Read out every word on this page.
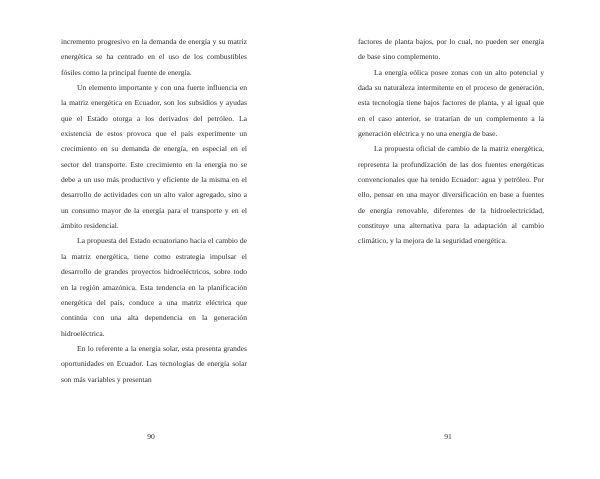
incremento progresivo en la demanda de energía y su matriz energética se ha centrado en el uso de los combustibles fósiles como la principal fuente de energía.

Un elemento importante y con una fuerte influencia en la matriz energética en Ecuador, son los subsidios y ayudas que el Estado otorga a los derivados del petróleo. La existencia de estos provoca que el país experimente un crecimiento en su demanda de energía, en especial en el sector del transporte. Este crecimiento en la energía no se debe a un uso más productivo y eficiente de la misma en el desarrollo de actividades con un alto valor agregado, sino a un consumo mayor de la energía para el transporte y en el ámbito residencial.

La propuesta del Estado ecuatoriano hacia el cambio de la matriz energética, tiene como estrategia impulsar el desarrollo de grandes proyectos hidroeléctricos, sobre todo en la región amazónica. Esta tendencia en la planificación energética del país, conduce a una matriz eléctrica que continúa con una alta dependencia en la generación hidroeléctrica.

En lo referente a la energía solar, esta presenta grandes oportunidades en Ecuador. Las tecnologías de energía solar son más variables y presentan

90

factores de planta bajos, por lo cual, no pueden ser energía de base sino complemento.

La energía eólica posee zonas con un alto potencial y dada su naturaleza intermitente en el proceso de generación, esta tecnología tiene bajos factores de planta, y al igual que en el caso anterior, se tratarían de un complemento a la generación eléctrica y no una energía de base.

La propuesta oficial de cambio de la matriz energética, representa la profundización de las dos fuentes energéticas convencionales que ha tenido Ecuador: agua y petróleo. Por ello, pensar en una mayor diversificación en base a fuentes de energía renovable, diferentes de la hidroelectricidad, constituye una alternativa para la adaptación al cambio climático, y la mejora de la seguridad energética.

91
